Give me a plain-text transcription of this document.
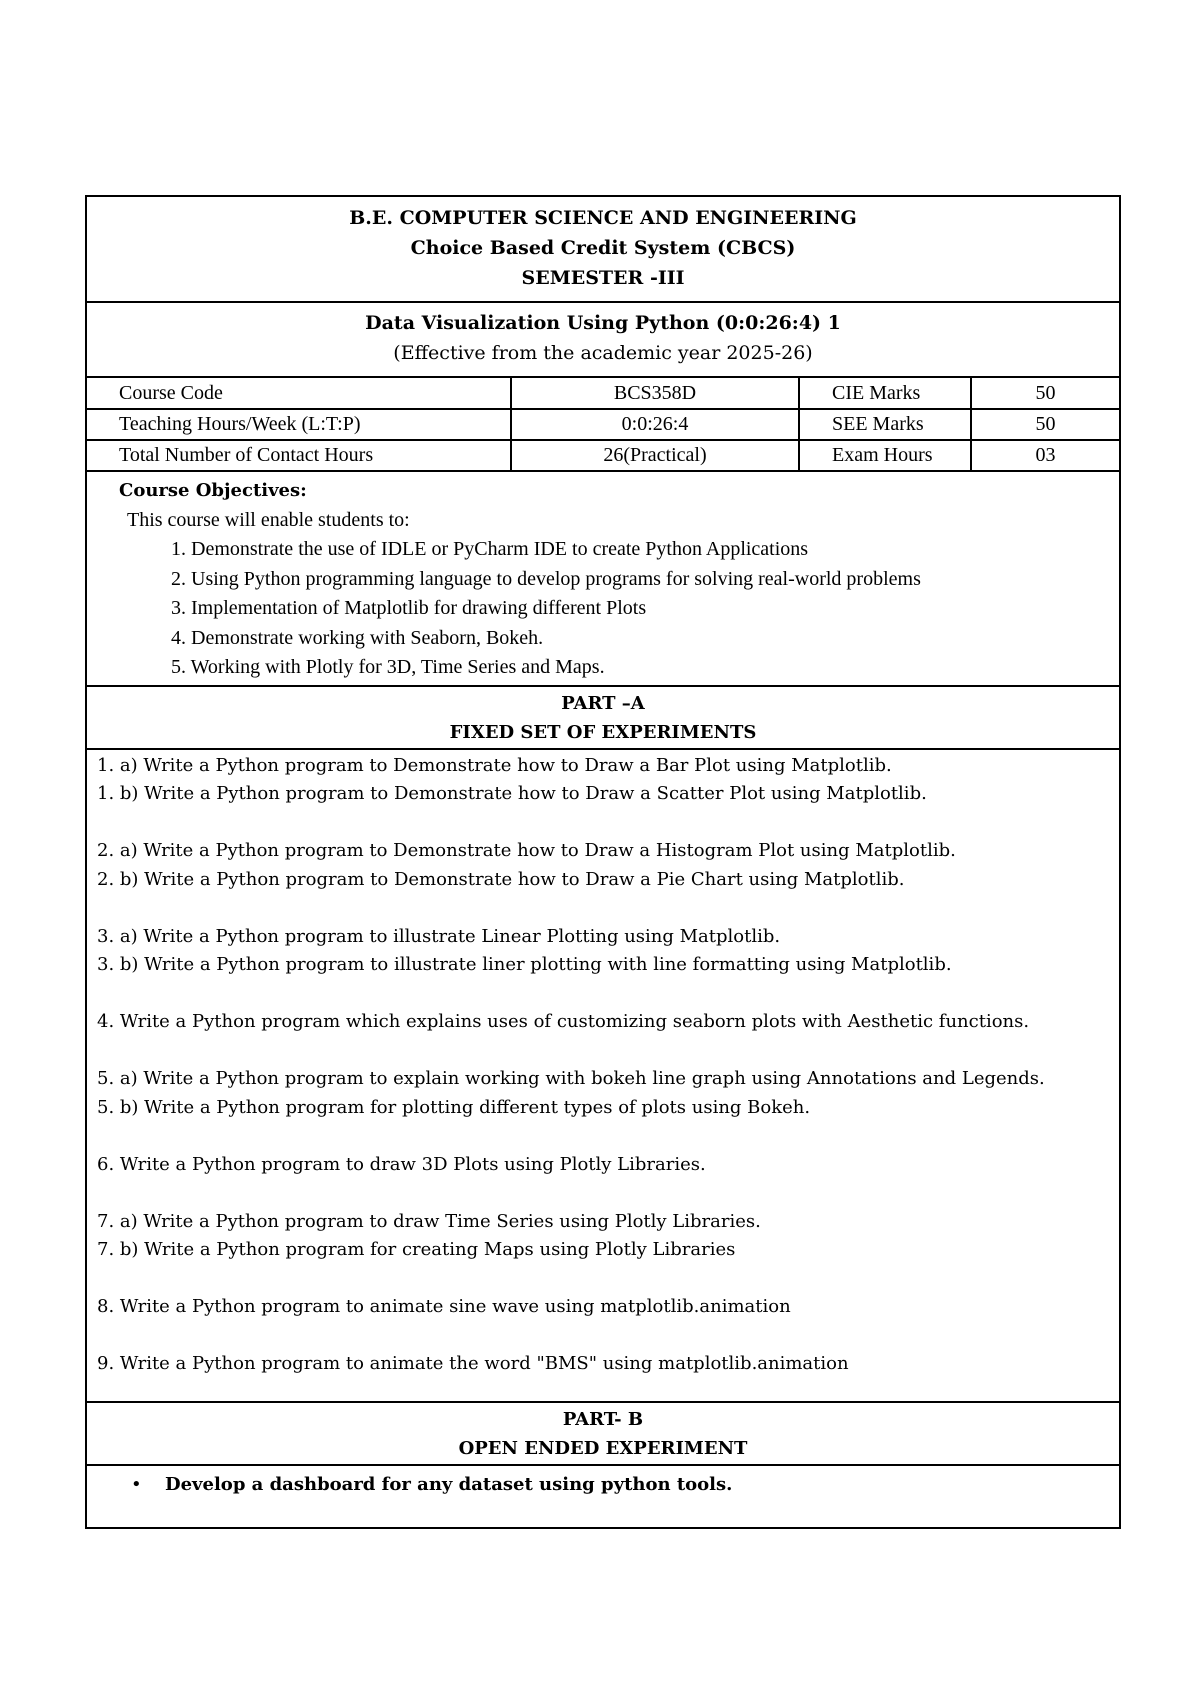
B.E. COMPUTER SCIENCE AND ENGINEERING
Choice Based Credit System (CBCS)
SEMESTER -III
Data Visualization Using Python (0:0:26:4) 1
(Effective from the academic year 2025-26)
Course Code	BCS358D	CIE Marks	50
Teaching Hours/Week (L:T:P)	0:0:26:4	SEE Marks	50
Total Number of Contact Hours	26(Practical)	Exam Hours	03
Course Objectives:
This course will enable students to:
1. Demonstrate the use of IDLE or PyCharm IDE to create Python Applications
2. Using Python programming language to develop programs for solving real-world problems
3. Implementation of Matplotlib for drawing different Plots
4. Demonstrate working with Seaborn, Bokeh.
5. Working with Plotly for 3D, Time Series and Maps.
PART –A
FIXED SET OF EXPERIMENTS
1. a) Write a Python program to Demonstrate how to Draw a Bar Plot using Matplotlib.
1. b) Write a Python program to Demonstrate how to Draw a Scatter Plot using Matplotlib.
2. a) Write a Python program to Demonstrate how to Draw a Histogram Plot using Matplotlib.
2. b) Write a Python program to Demonstrate how to Draw a Pie Chart using Matplotlib.
3. a) Write a Python program to illustrate Linear Plotting using Matplotlib.
3. b) Write a Python program to illustrate liner plotting with line formatting using Matplotlib.
4. Write a Python program which explains uses of customizing seaborn plots with Aesthetic functions.
5. a) Write a Python program to explain working with bokeh line graph using Annotations and Legends.
5. b) Write a Python program for plotting different types of plots using Bokeh.
6. Write a Python program to draw 3D Plots using Plotly Libraries.
7. a) Write a Python program to draw Time Series using Plotly Libraries.
7. b) Write a Python program for creating Maps using Plotly Libraries
8. Write a Python program to animate sine wave using matplotlib.animation
9. Write a Python program to animate the word "BMS" using matplotlib.animation
PART- B
OPEN ENDED EXPERIMENT
• Develop a dashboard for any dataset using python tools.
